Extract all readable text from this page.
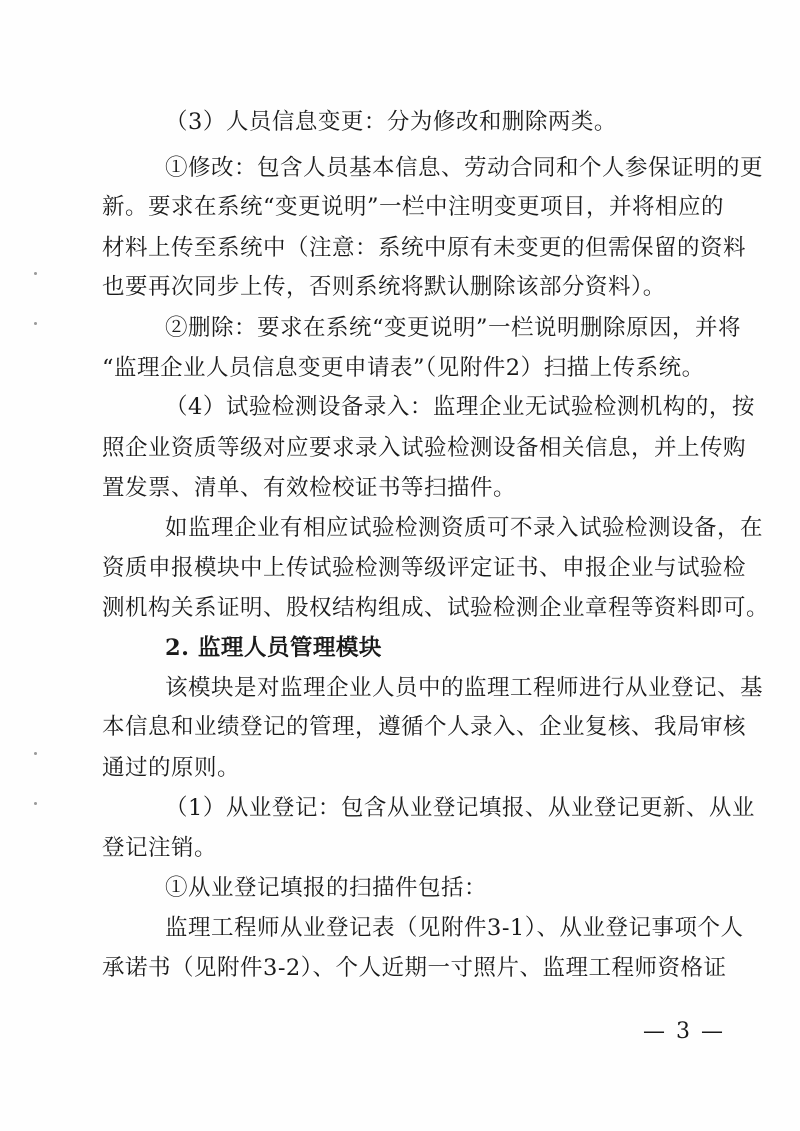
（3）人员信息变更：分为修改和删除两类。
①修改：包含人员基本信息、劳动合同和个人参保证明的更
新。要求在系统“变更说明”一栏中注明变更项目，并将相应的
材料上传至系统中（注意：系统中原有未变更的但需保留的资料
也要再次同步上传，否则系统将默认删除该部分资料）。
②删除：要求在系统“变更说明”一栏说明删除原因，并将
“监理企业人员信息变更申请表”（见附件2）扫描上传系统。
（4）试验检测设备录入：监理企业无试验检测机构的，按
照企业资质等级对应要求录入试验检测设备相关信息，并上传购
置发票、清单、有效检校证书等扫描件。
如监理企业有相应试验检测资质可不录入试验检测设备，在
资质申报模块中上传试验检测等级评定证书、申报企业与试验检
测机构关系证明、股权结构组成、试验检测企业章程等资料即可。
2. 监理人员管理模块
该模块是对监理企业人员中的监理工程师进行从业登记、基
本信息和业绩登记的管理，遵循个人录入、企业复核、我局审核
通过的原则。
（1）从业登记：包含从业登记填报、从业登记更新、从业
登记注销。
①从业登记填报的扫描件包括：
监理工程师从业登记表（见附件3-1）、从业登记事项个人
承诺书（见附件3-2）、个人近期一寸照片、监理工程师资格证
— 3 —
